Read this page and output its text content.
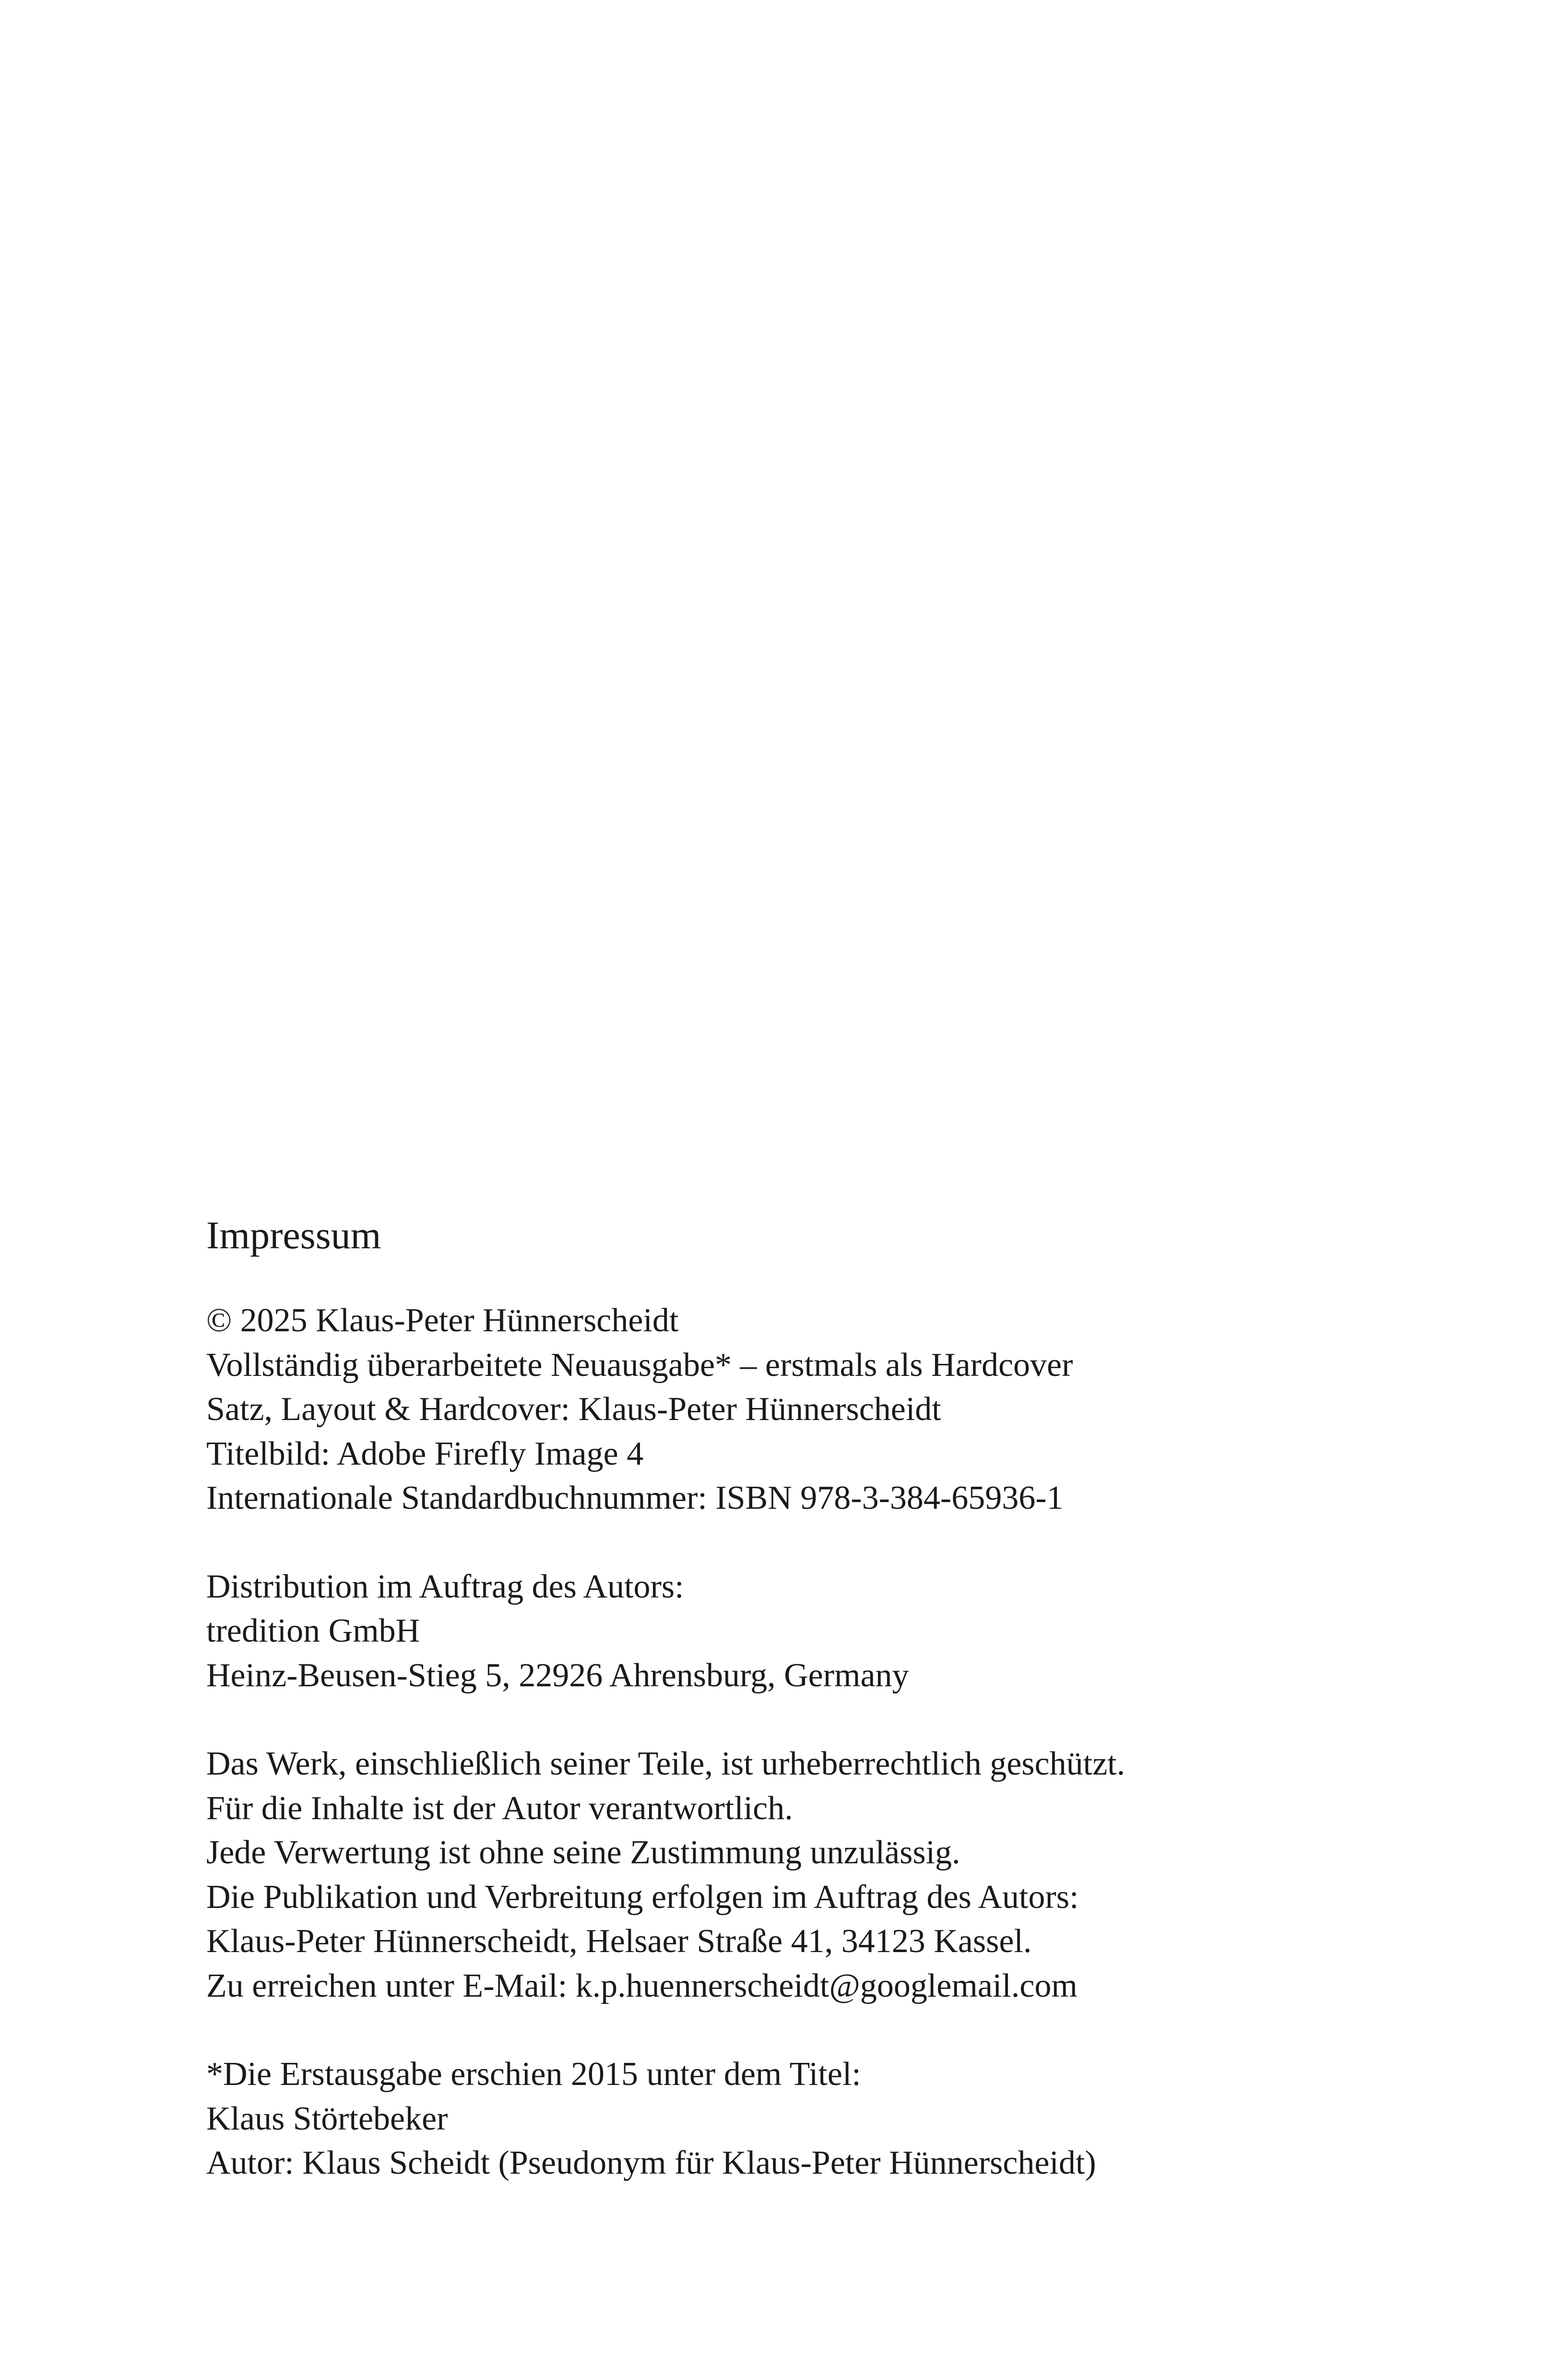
Impressum
© 2025 Klaus-Peter Hünnerscheidt
Vollständig überarbeitete Neuausgabe* – erstmals als Hardcover
Satz, Layout & Hardcover: Klaus-Peter Hünnerscheidt
Titelbild: Adobe Firefly Image 4
Internationale Standardbuchnummer: ISBN 978-3-384-65936-1
Distribution im Auftrag des Autors:
tredition GmbH
Heinz-Beusen-Stieg 5, 22926 Ahrensburg, Germany
Das Werk, einschließlich seiner Teile, ist urheberrechtlich geschützt.
Für die Inhalte ist der Autor verantwortlich.
Jede Verwertung ist ohne seine Zustimmung unzulässig.
Die Publikation und Verbreitung erfolgen im Auftrag des Autors:
Klaus-Peter Hünnerscheidt, Helsaer Straße 41, 34123 Kassel.
Zu erreichen unter E-Mail: k.p.huennerscheidt@googlemail.com
*Die Erstausgabe erschien 2015 unter dem Titel:
Klaus Störtebeker
Autor: Klaus Scheidt (Pseudonym für Klaus-Peter Hünnerscheidt)
